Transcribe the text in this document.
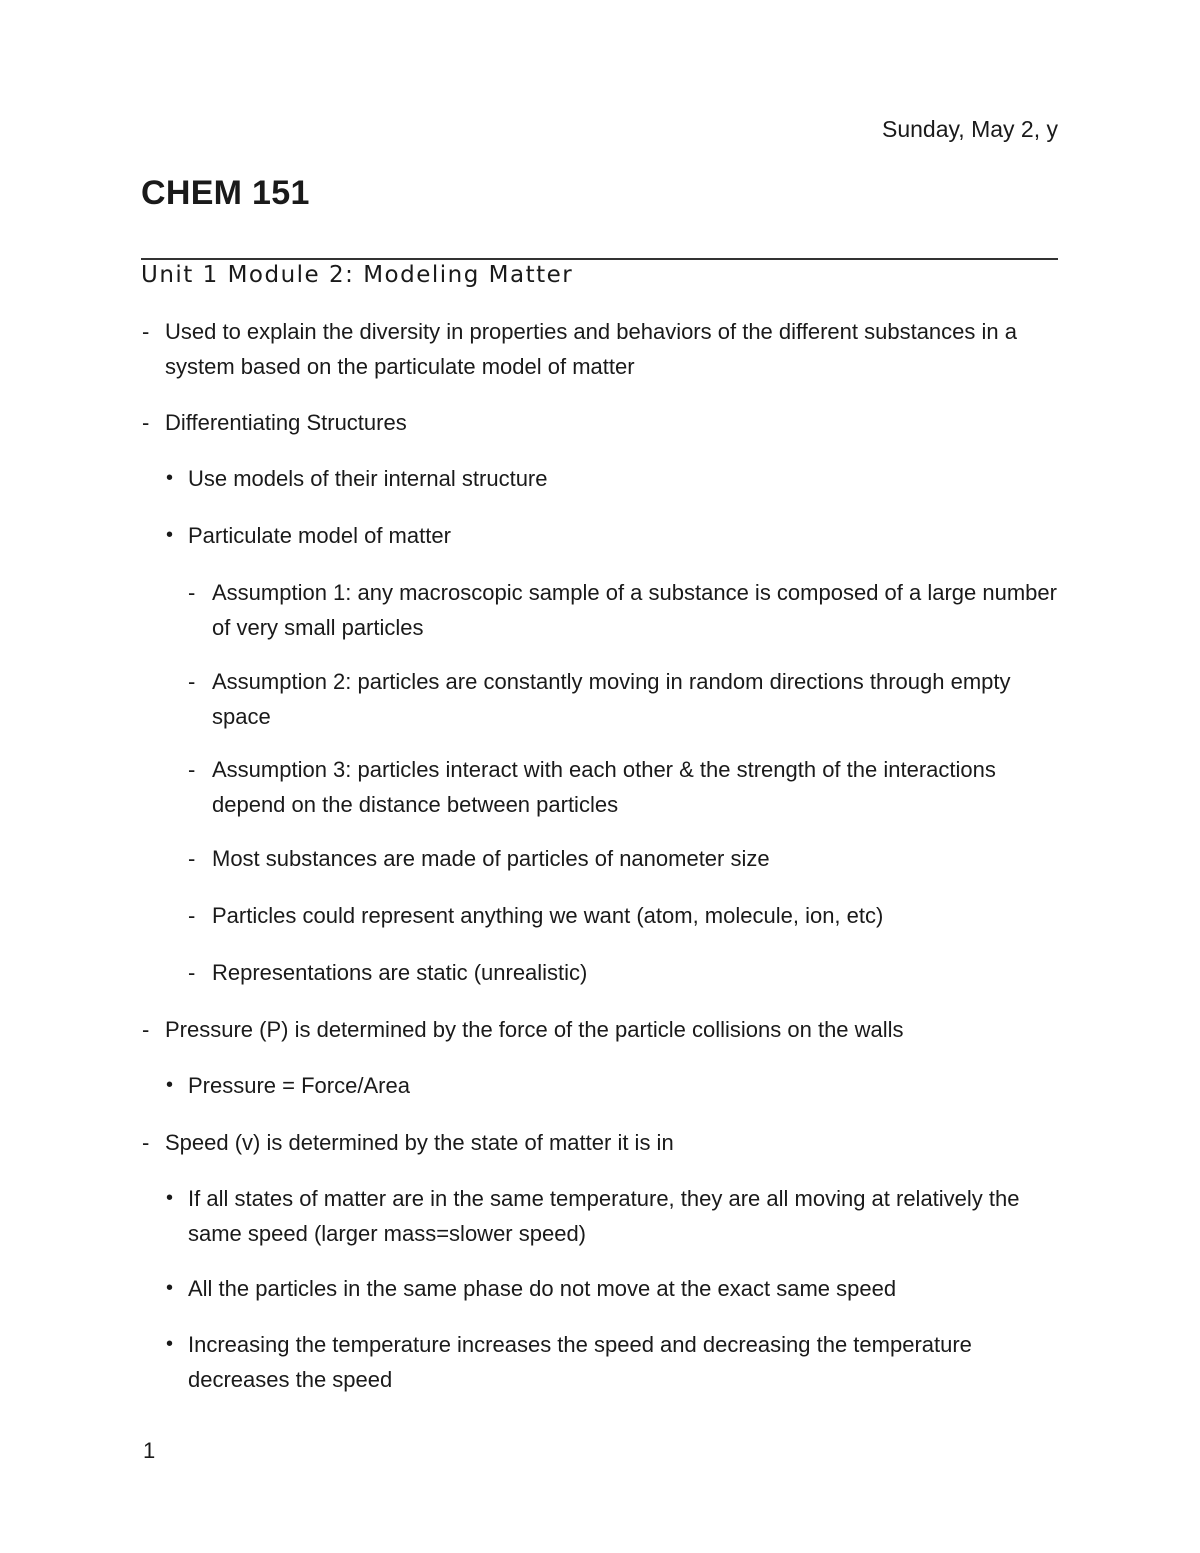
Sunday, May 2, y
CHEM 151
Unit 1 Module 2: Modeling Matter
- Used to explain the diversity in properties and behaviors of the different substances in a system based on the particulate model of matter
- Differentiating Structures
• Use models of their internal structure
• Particulate model of matter
- Assumption 1: any macroscopic sample of a substance is composed of a large number of very small particles
- Assumption 2: particles are constantly moving in random directions through empty space
- Assumption 3: particles interact with each other & the strength of the interactions depend on the distance between particles
- Most substances are made of particles of nanometer size
- Particles could represent anything we want (atom, molecule, ion, etc)
- Representations are static (unrealistic)
- Pressure (P) is determined by the force of the particle collisions on the walls
• Pressure = Force/Area
- Speed (v) is determined by the state of matter it is in
• If all states of matter are in the same temperature, they are all moving at relatively the same speed (larger mass=slower speed)
• All the particles in the same phase do not move at the exact same speed
• Increasing the temperature increases the speed and decreasing the temperature decreases the speed
1
